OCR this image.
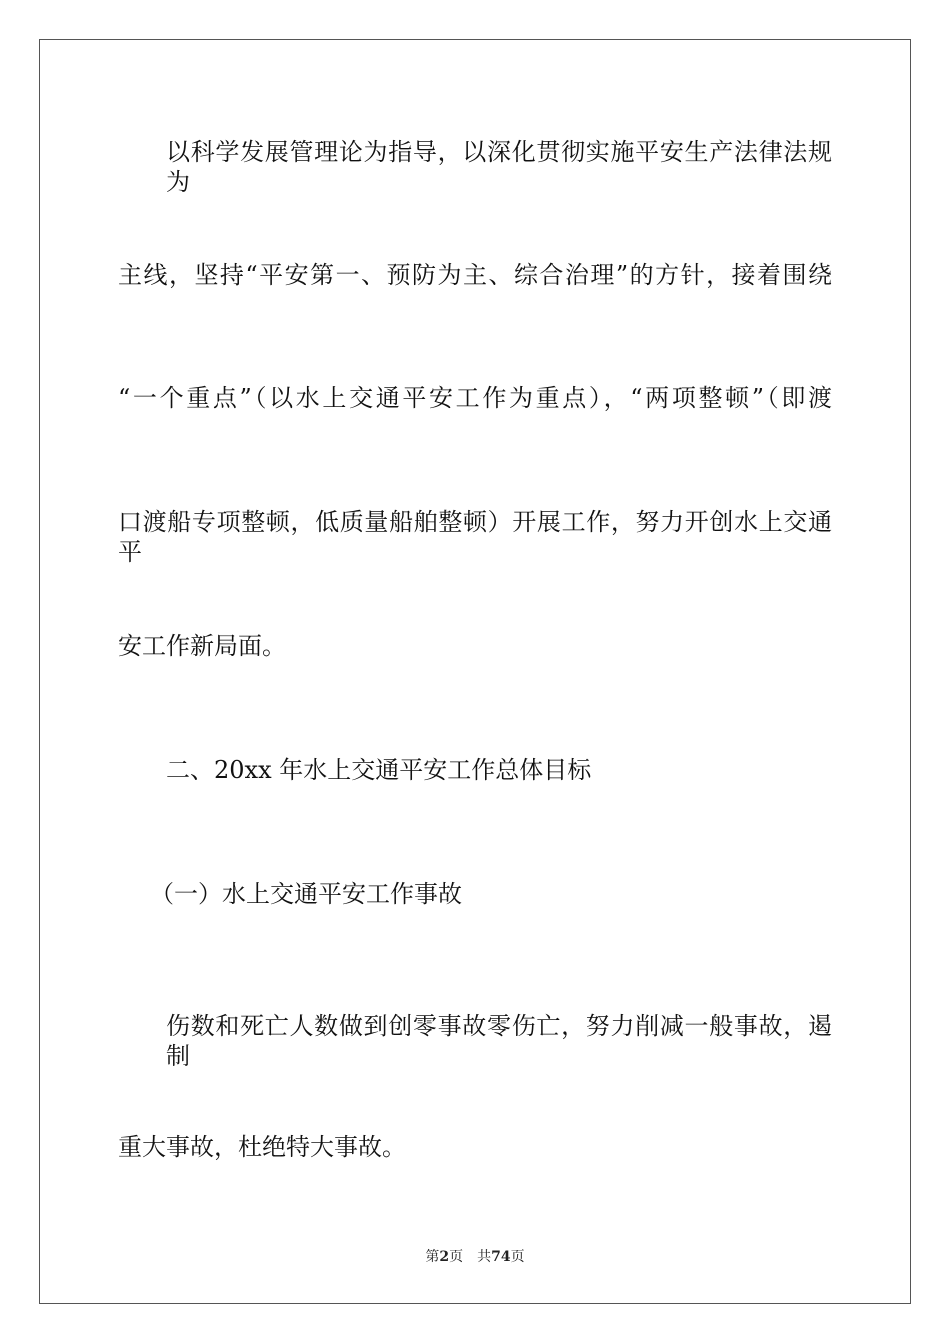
以科学发展管理论为指导，以深化贯彻实施平安生产法律法规为
主线，坚持“平安第一、预防为主、综合治理”的方针，接着围绕
“一个重点”（以水上交通平安工作为重点），“两项整顿”（即渡
口渡船专项整顿，低质量船舶整顿）开展工作，努力开创水上交通平
安工作新局面。
二、20xx 年水上交通平安工作总体目标
（一）水上交通平安工作事故
伤数和死亡人数做到创零事故零伤亡，努力削减一般事故，遏制
重大事故，杜绝特大事故。
第2页 共74页
